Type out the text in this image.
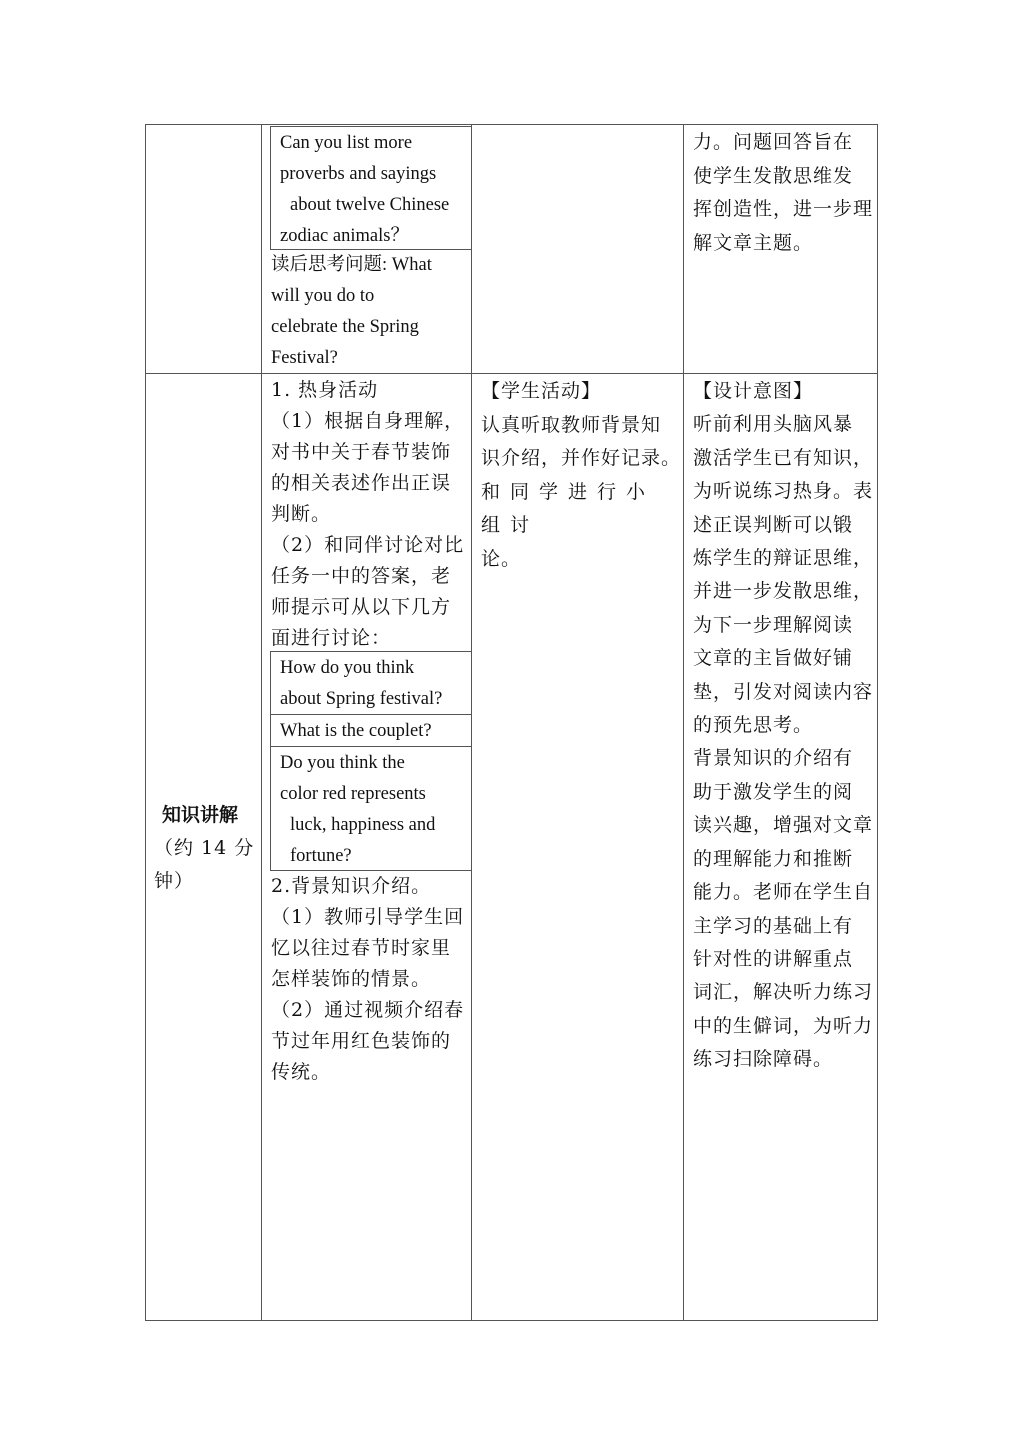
Can you list more
proverbs and sayings
about twelve Chinese
zodiac animals？
读后思考问题: What
will you do to
celebrate the Spring
Festival?
力。问题回答旨在
使学生发散思维发
挥创造性，进一步理
解文章主题。
知识讲解
（约 14 分
钟）
1. 热身活动
（1）根据自身理解，
对书中关于春节装饰
的相关表述作出正误
判断。
（2）和同伴讨论对比
任务一中的答案，老
师提示可从以下几方
面进行讨论：
How do you think
about Spring festival?
What is the couplet?
Do you think the
color red represents
luck, happiness and
fortune?
2.背景知识介绍。
（1）教师引导学生回
忆以往过春节时家里
怎样装饰的情景。
（2）通过视频介绍春
节过年用红色装饰的
传统。
【学生活动】
认真听取教师背景知
识介绍，并作好记录。
和同学进行小组讨
论。
【设计意图】
听前利用头脑风暴
激活学生已有知识，
为听说练习热身。表
述正误判断可以锻
炼学生的辩证思维，
并进一步发散思维，
为下一步理解阅读
文章的主旨做好铺
垫，引发对阅读内容
的预先思考。
背景知识的介绍有
助于激发学生的阅
读兴趣，增强对文章
的理解能力和推断
能力。老师在学生自
主学习的基础上有
针对性的讲解重点
词汇，解决听力练习
中的生僻词，为听力
练习扫除障碍。
